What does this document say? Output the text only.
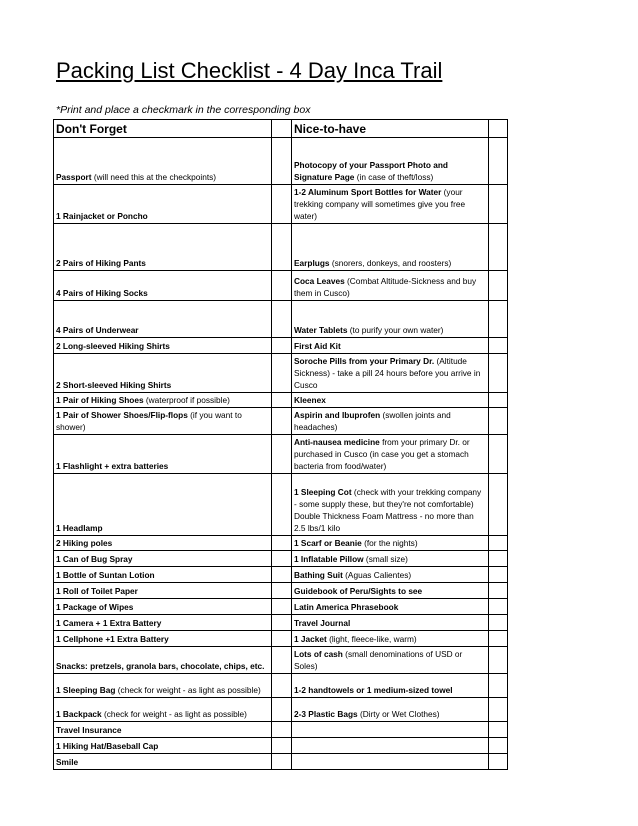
Packing List Checklist - 4 Day Inca Trail
*Print and place a checkmark in the corresponding box
Don't Forget		Nice-to-have	
Passport (will need this at the checkpoints)		Photocopy of your Passport Photo and Signature Page (in case of theft/loss)	
1 Rainjacket or Poncho		1-2 Aluminum Sport Bottles for Water (your trekking company will sometimes give you free water)	
2 Pairs of Hiking Pants		Earplugs (snorers, donkeys, and roosters)	
4 Pairs of Hiking Socks		Coca Leaves (Combat Altitude-Sickness and buy them in Cusco)	
4 Pairs of Underwear		Water Tablets (to purify your own water)	
2 Long-sleeved Hiking Shirts		First Aid Kit	
2 Short-sleeved Hiking Shirts		Soroche Pills from your Primary Dr. (Altitude Sickness) - take a pill 24 hours before you arrive in Cusco	
1 Pair of Hiking Shoes (waterproof if possible)		Kleenex	
1 Pair of Shower Shoes/Flip-flops (if you want to shower)		Aspirin and Ibuprofen (swollen joints and headaches)	
1 Flashlight + extra batteries		Anti-nausea medicine from your primary Dr. or purchased in Cusco (in case you get a stomach bacteria from food/water)	
1 Headlamp		1 Sleeping Cot (check with your trekking company - some supply these, but they're not comfortable) Double Thickness Foam Mattress - no more than 2.5 lbs/1 kilo	
2 Hiking poles		1 Scarf or Beanie (for the nights)	
1 Can of Bug Spray		1 Inflatable Pillow (small size)	
1 Bottle of Suntan Lotion		Bathing Suit (Aguas Calientes)	
1 Roll of Toilet Paper		Guidebook of Peru/Sights to see	
1 Package of Wipes		Latin America Phrasebook	
1 Camera + 1 Extra Battery		Travel Journal	
1 Cellphone +1 Extra Battery		1 Jacket (light, fleece-like, warm)	
Snacks: pretzels, granola bars, chocolate, chips, etc.		Lots of cash (small denominations of USD or Soles)	
1 Sleeping Bag (check for weight - as light as possible)		1-2 handtowels or 1 medium-sized towel	
1 Backpack (check for weight - as light as possible)		2-3 Plastic Bags (Dirty or Wet Clothes)	
Travel Insurance			
1 Hiking Hat/Baseball Cap			
Smile			
